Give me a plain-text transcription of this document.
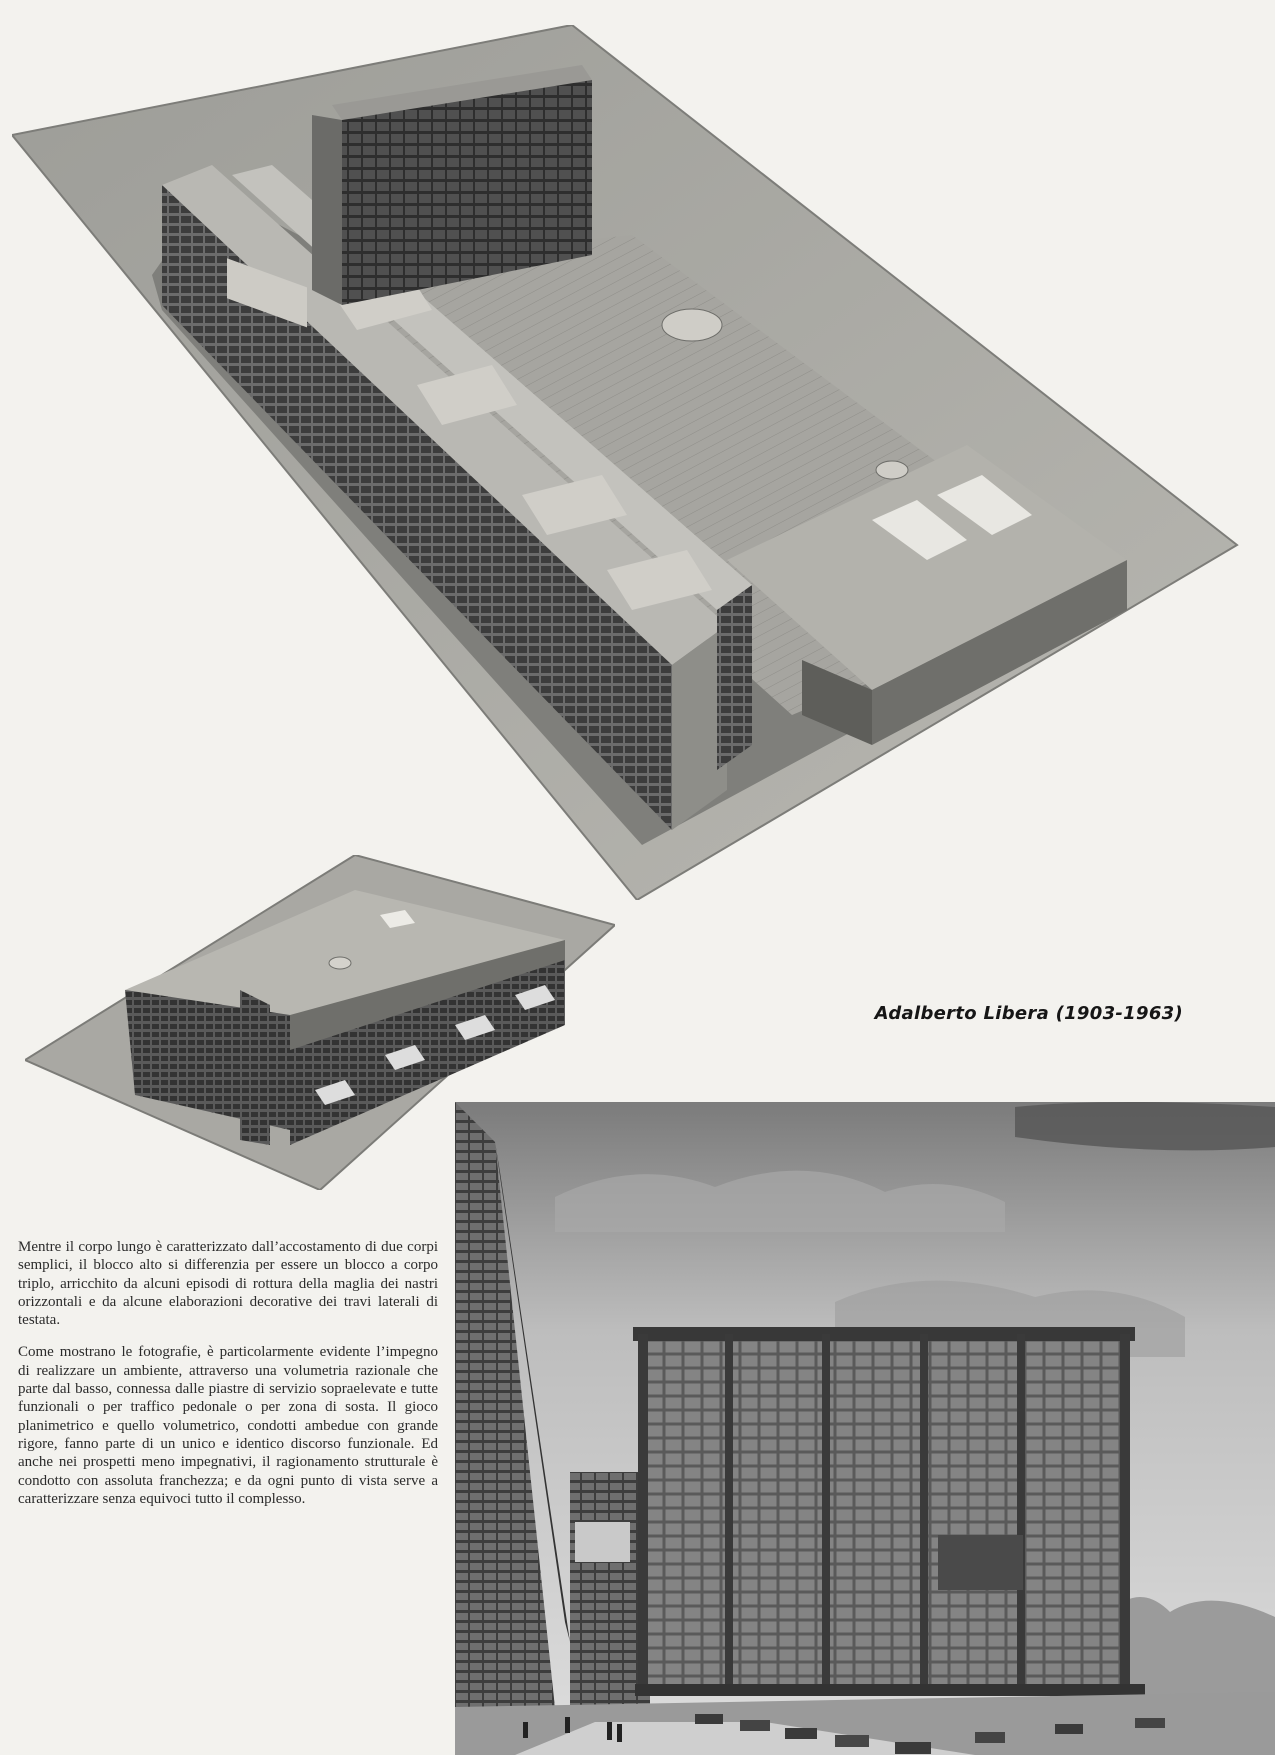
Adalberto Libera (1903-1963)

Mentre il corpo lungo è caratterizzato dall’accostamento di due corpi semplici, il blocco alto si differenzia per essere un blocco a corpo triplo, arricchito da alcuni episodi di rottura della maglia dei nastri orizzontali e da alcune elaborazioni decorative dei travi laterali di testata.

Come mostrano le fotografie, è particolarmente evidente l’impegno di realizzare un ambiente, attraverso una volumetria razionale che parte dal basso, connessa dalle piastre di servizio sopraelevate e tutte funzionali o per traffico pedonale o per zona di sosta. Il gioco planimetrico e quello volumetrico, condotti ambedue con grande rigore, fanno parte di un unico e identico discorso funzionale. Ed anche nei prospetti meno impegnativi, il ragionamento strutturale è condotto con assoluta franchezza; e da ogni punto di vista serve a caratterizzare senza equivoci tutto il complesso.
